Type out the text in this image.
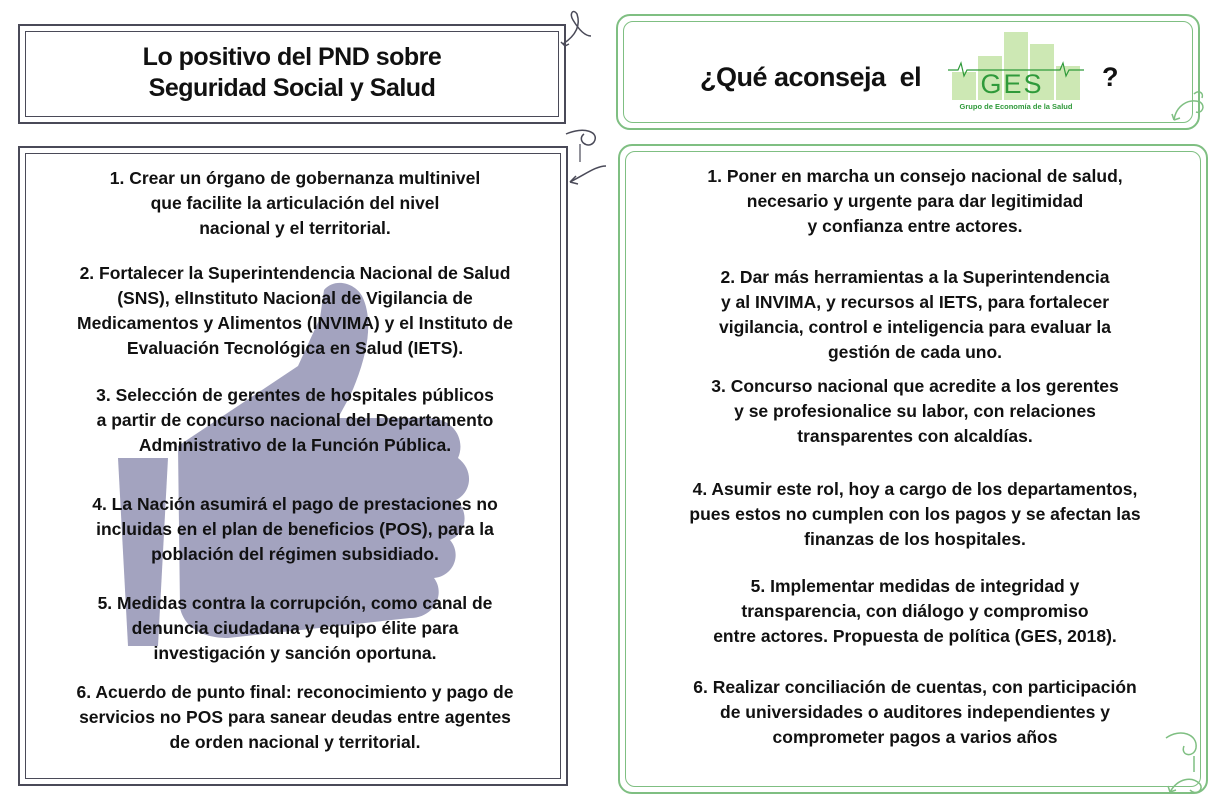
Lo positivo del PND sobre
Seguridad Social y Salud	¿Qué aconseja  el	?
GES
Grupo de Economía de la Salud
1. Crear un órgano de gobernanza multinivel
que facilite la articulación del nivel
nacional y el territorial.
2. Fortalecer la Superintendencia Nacional de Salud
(SNS), elInstituto Nacional de Vigilancia de
Medicamentos y Alimentos (INVIMA) y el Instituto de
Evaluación Tecnológica en Salud (IETS).
3. Selección de gerentes de hospitales públicos
a partir de concurso nacional del Departamento
Administrativo de la Función Pública.
4. La Nación asumirá el pago de prestaciones no
incluidas en el plan de beneficios (POS), para la
población del régimen subsidiado.
5. Medidas contra la corrupción, como canal de
denuncia ciudadana y equipo élite para
investigación y sanción oportuna.
6. Acuerdo de punto final: reconocimiento y pago de
servicios no POS para sanear deudas entre agentes
de orden nacional y territorial.
1. Poner en marcha un consejo nacional de salud,
necesario y urgente para dar legitimidad
y confianza entre actores.
2. Dar más herramientas a la Superintendencia
y al INVIMA, y recursos al IETS, para fortalecer
vigilancia, control e inteligencia para evaluar la
gestión de cada uno.
3. Concurso nacional que acredite a los gerentes
y se profesionalice su labor, con relaciones
transparentes con alcaldías.
4. Asumir este rol, hoy a cargo de los departamentos,
pues estos no cumplen con los pagos y se afectan las
finanzas de los hospitales.
5. Implementar medidas de integridad y
transparencia, con diálogo y compromiso
entre actores. Propuesta de política (GES, 2018).
6. Realizar conciliación de cuentas, con participación
de universidades o auditores independientes y
comprometer pagos a varios años
